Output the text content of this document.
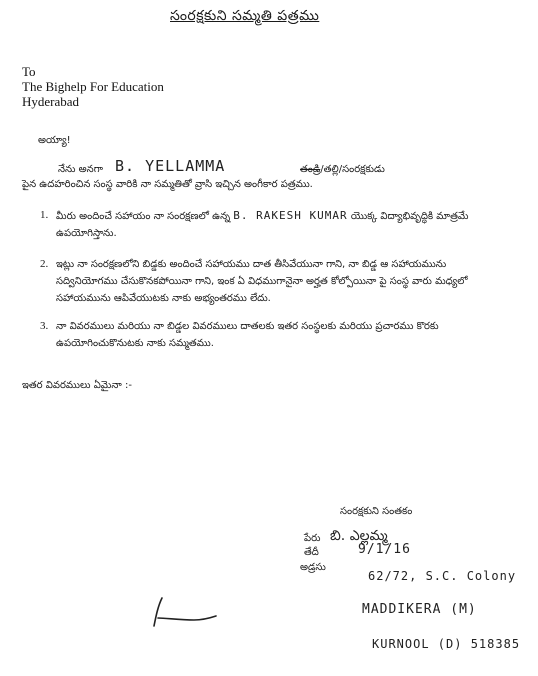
సంరక్షకుని సమ్మతి పత్రము
To
The Bighelp For Education
Hyderabad
అయ్యా!
నేను అనగా B. YELLAMMA	తండ్రి/తల్లి/సంరక్షకుడు
పైన ఉదహరించిన సంస్థ వారికి నా సమ్మతితో వ్రాసి ఇచ్చిన అంగీకార పత్రము.
1. మీరు అందించే సహాయం నా సంరక్షణలో ఉన్న B. RAKESH KUMAR యొక్క విద్యాభివృద్ధికి మాత్రమే ఉపయోగిస్తాను.
2. ఇట్లు నా సంరక్షణలోని బిడ్డకు అందించే సహాయము దాత తీసివేయునా గాని, నా బిడ్డ ఆ సహాయమును సద్వినియోగము చేసుకొనకపోయినా గాని, ఇంక ఏ విధముగానైనా అర్హత కోల్పోయినా పై సంస్థ వారు మధ్యలో సహాయమును ఆపివేయుటకు నాకు అభ్యంతరము లేదు.
3. నా వివరములు మరియు నా బిడ్డల వివరములు దాతలకు ఇతర సంస్థలకు మరియు ప్రచారము కొరకు ఉపయోగించుకొనుటకు నాకు సమ్మతము.
ఇతర వివరములు ఏమైనా :-
సంరక్షకుని సంతకం
పేరు బి. ఎల్లమ్మ
తేదీ	9/1/16
అడ్రసు
62/72, S.C. Colony
MADDIKERA (M)
KURNOOL (D) 518385
